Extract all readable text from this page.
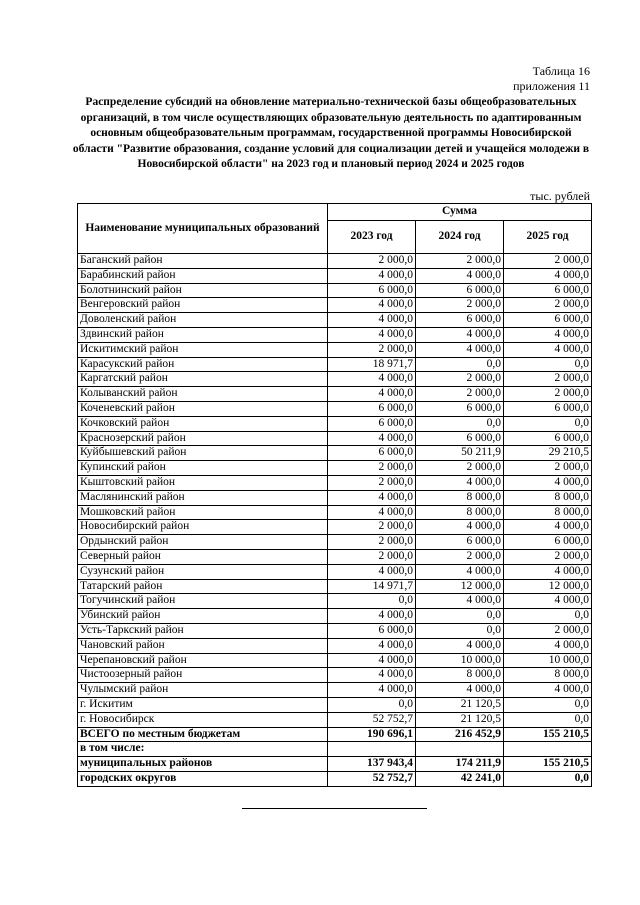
Таблица 16
приложения 11
Распределение субсидий на обновление материально-технической базы общеобразовательных организаций, в том числе осуществляющих образовательную деятельность по адаптированным основным общеобразовательным программам, государственной программы Новосибирской области "Развитие образования, создание условий для социализации детей и учащейся молодежи в Новосибирской области" на 2023 год и плановый период 2024 и 2025 годов
тыс. рублей
Наименование муниципальных образований	Сумма		
	2023 год	2024 год	2025 год
Баганский район	2 000,0	2 000,0	2 000,0
Барабинский район	4 000,0	4 000,0	4 000,0
Болотнинский район	6 000,0	6 000,0	6 000,0
Венгеровский район	4 000,0	2 000,0	2 000,0
Доволенский район	4 000,0	6 000,0	6 000,0
Здвинский район	4 000,0	4 000,0	4 000,0
Искитимский район	2 000,0	4 000,0	4 000,0
Карасукский район	18 971,7	0,0	0,0
Каргатский район	4 000,0	2 000,0	2 000,0
Колыванский район	4 000,0	2 000,0	2 000,0
Коченевский район	6 000,0	6 000,0	6 000,0
Кочковский район	6 000,0	0,0	0,0
Краснозерский район	4 000,0	6 000,0	6 000,0
Куйбышевский район	6 000,0	50 211,9	29 210,5
Купинский район	2 000,0	2 000,0	2 000,0
Кыштовский район	2 000,0	4 000,0	4 000,0
Маслянинский район	4 000,0	8 000,0	8 000,0
Мошковский район	4 000,0	8 000,0	8 000,0
Новосибирский район	2 000,0	4 000,0	4 000,0
Ордынский район	2 000,0	6 000,0	6 000,0
Северный район	2 000,0	2 000,0	2 000,0
Сузунский район	4 000,0	4 000,0	4 000,0
Татарский район	14 971,7	12 000,0	12 000,0
Тогучинский район	0,0	4 000,0	4 000,0
Убинский район	4 000,0	0,0	0,0
Усть-Таркский район	6 000,0	0,0	2 000,0
Чановский район	4 000,0	4 000,0	4 000,0
Черепановский район	4 000,0	10 000,0	10 000,0
Чистоозерный район	4 000,0	8 000,0	8 000,0
Чулымский район	4 000,0	4 000,0	4 000,0
г. Искитим	0,0	21 120,5	0,0
г. Новосибирск	52 752,7	21 120,5	0,0
ВСЕГО по местным бюджетам	190 696,1	216 452,9	155 210,5
в том числе:			
муниципальных районов	137 943,4	174 211,9	155 210,5
городских округов	52 752,7	42 241,0	0,0
